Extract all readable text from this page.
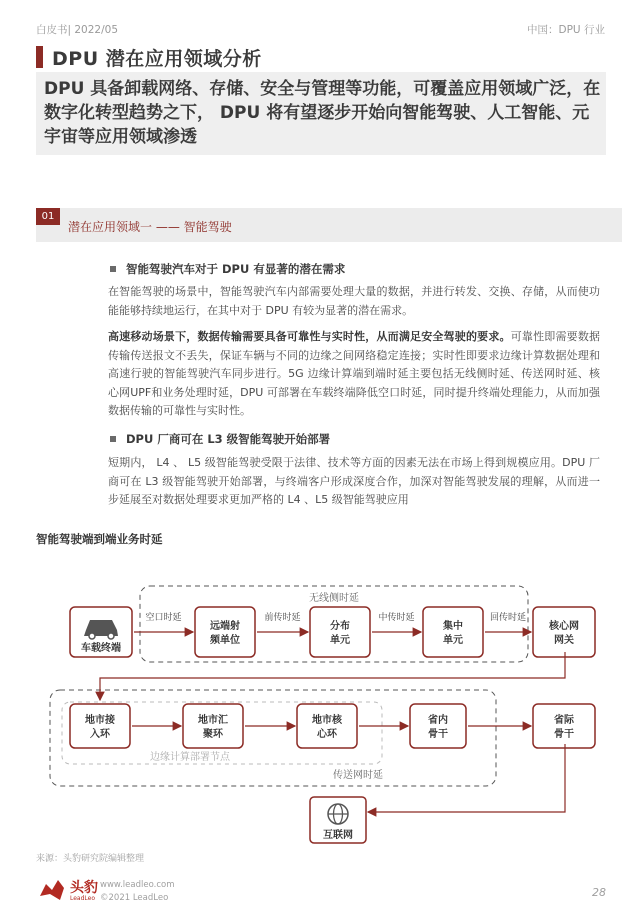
白皮书| 2022/05	中国：DPU 行业
DPU 潜在应用领域分析
DPU 具备卸载网络、存储、安全与管理等功能，可覆盖应用领域广泛，在数字化转型趋势之下， DPU 将有望逐步开始向智能驾驶、人工智能、元宇宙等应用领域渗透
01
潜在应用领域一 —— 智能驾驶
智能驾驶汽车对于 DPU 有显著的潜在需求
在智能驾驶的场景中，智能驾驶汽车内部需要处理大量的数据，并进行转发、交换、存储，从而使功能能够持续地运行，在其中对于 DPU 有较为显著的潜在需求。
高速移动场景下，数据传输需要具备可靠性与实时性，从而满足安全驾驶的要求。可靠性即需要数据传输传送报文不丢失，保证车辆与不同的边缘之间网络稳定连接；实时性即要求边缘计算数据处理和高速行驶的智能驾驶汽车同步进行。5G 边缘计算端到端时延主要包括无线侧时延、传送网时延、核心网UPF和业务处理时延，DPU 可部署在车载终端降低空口时延，同时提升终端处理能力，从而加强数据传输的可靠性与实时性。
DPU 厂商可在 L3 级智能驾驶开始部署
短期内， L4 、 L5 级智能驾驶受限于法律、技术等方面的因素无法在市场上得到规模应用。DPU 厂商可在 L3 级智能驾驶开始部署，与终端客户形成深度合作，加深对智能驾驶发展的理解，从而进一步延展至对数据处理要求更加严格的 L4 、L5 级智能驾驶应用
智能驾驶端到端业务时延
无线侧时延
传送网时延
边缘计算部署节点
车载终端
远端射频单位
分布单元
集中单元
核心网网关
空口时延	前传时延	中传时延	回传时延
地市接入环
地市汇聚环
地市核心环
省内骨干
省际骨干
互联网
来源：头豹研究院编辑整理
头豹
LeadLeo
www.leadleo.com
©2021 LeadLeo	28
